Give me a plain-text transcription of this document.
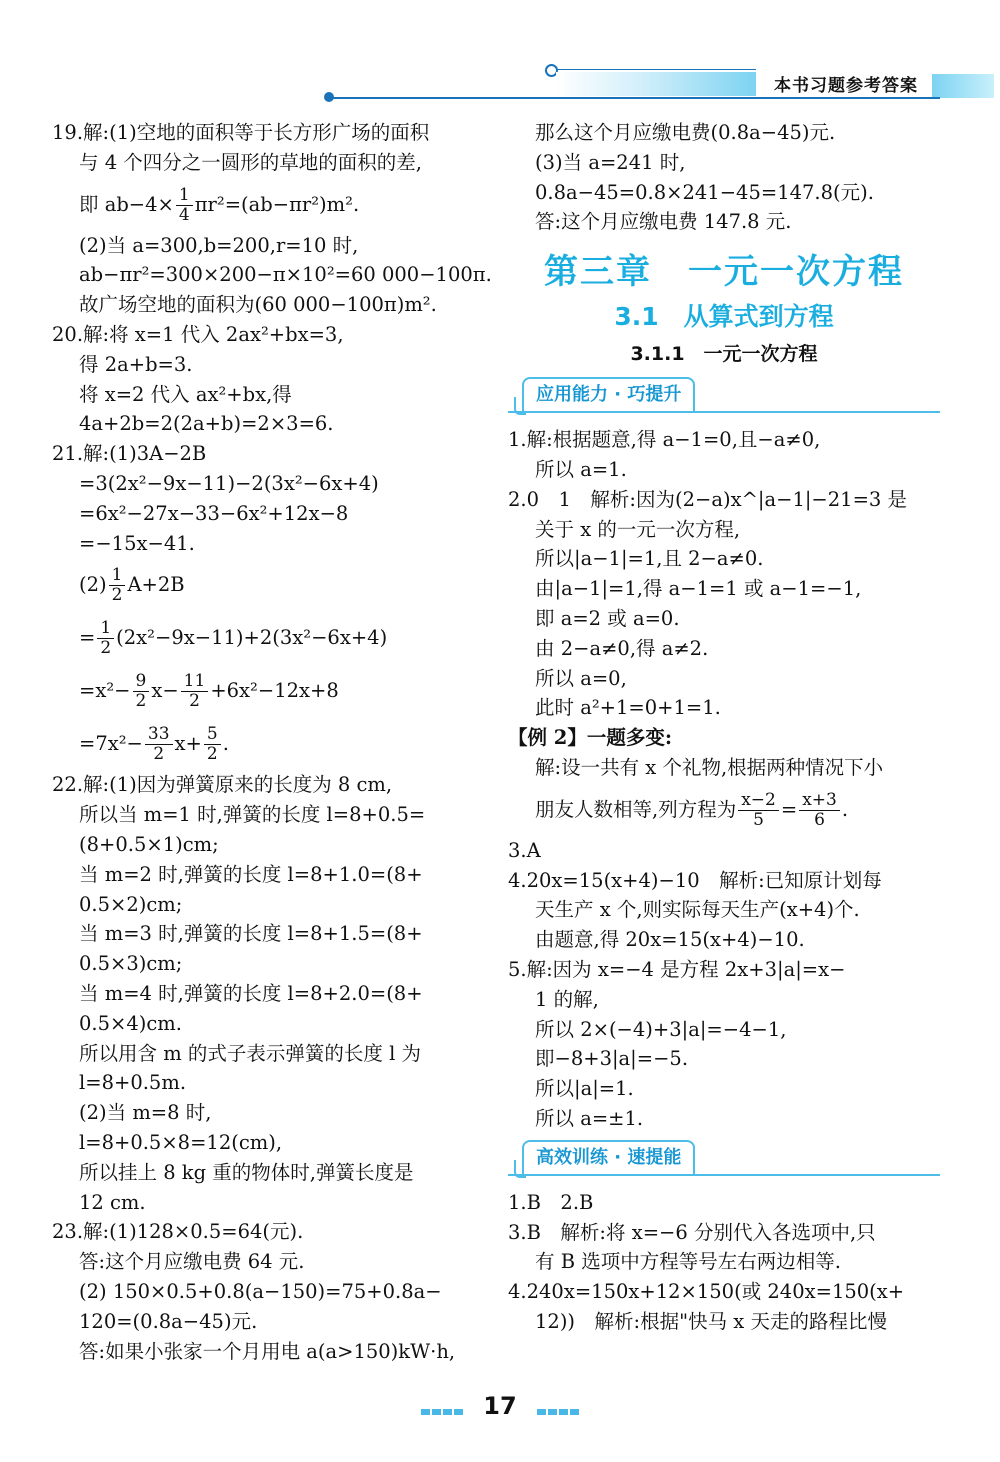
本书习题参考答案
19.解:(1)空地的面积等于长方形广场的面积
与 4 个四分之一圆形的草地的面积的差,
即 $ab-4\times \frac{1}{4} \pi r^2=(ab-\pi r^2)m^2$.
(2)当 a=300,b=200,r=10 时,
ab−πr²=300×200−π×10²=60 000−100π.
故广场空地的面积为(60 000−100π)m².
20.解:将 x=1 代入 2ax²+bx=3,
得 2a+b=3.
将 x=2 代入 ax²+bx,得
4a+2b=2(2a+b)=2×3=6.
21.解:(1)3A−2B
=3(2x²−9x−11)−2(3x²−6x+4)
=6x²−27x−33−6x²+12x−8
=−15x−41.
$(2) \frac{1}{2} A+2B$
= $\frac{1}{2} (2x^2-9x-11)+2(3x^2-6x+4)$
$=x^2- \frac{9}{2} x- \frac{11}{2} +6x^2-12x+8$
$=7x^2- \frac{33}{2} x+ \frac{5}{2}$ .
22.解:(1)因为弹簧原来的长度为 8 cm,
所以当 m=1 时,弹簧的长度 l=8+0.5=
(8+0.5×1)cm;
当 m=2 时,弹簧的长度 l=8+1.0=(8+
0.5×2)cm;
当 m=3 时,弹簧的长度 l=8+1.5=(8+
0.5×3)cm;
当 m=4 时,弹簧的长度 l=8+2.0=(8+
0.5×4)cm.
所以用含 m 的式子表示弹簧的长度 l 为
l=8+0.5m.
(2)当 m=8 时,
l=8+0.5×8=12(cm),
所以挂上 8 kg 重的物体时,弹簧长度是
12 cm.
23.解:(1)128×0.5=64(元).
答:这个月应缴电费 64 元.
(2) 150×0.5+0.8(a−150)=75+0.8a−
120=(0.8a−45)元.
答:如果小张家一个月用电 a(a>150)kW·h,
那么这个月应缴电费(0.8a−45)元.
(3)当 a=241 时,
0.8a−45=0.8×241−45=147.8(元).
答:这个月应缴电费 147.8 元.
第三章　一元一次方程
3.1　从算式到方程
3.1.1　一元一次方程
应用能力 · 巧提升
1.解:根据题意,得 a−1=0,且−a≠0,
所以 a=1.
2.0　1　解析:因为(2−a)x^|a−1|−21=3 是
关于 x 的一元一次方程,
所以|a−1|=1,且 2−a≠0.
由|a−1|=1,得 a−1=1 或 a−1=−1,
即 a=2 或 a=0.
由 2−a≠0,得 a≠2.
所以 a=0,
此时 a²+1=0+1=1.
【例 2】一题多变:
解:设一共有 x 个礼物,根据两种情况下小
朋友人数相等,列方程为 $\frac{x-2}{5} = \frac{x+3}{6}$ .
3.A
4.20x=15(x+4)−10　解析:已知原计划每
天生产 x 个,则实际每天生产(x+4)个.
由题意,得 20x=15(x+4)−10.
5.解:因为 x=−4 是方程 2x+3|a|=x−
1 的解,
所以 2×(−4)+3|a|=−4−1,
即−8+3|a|=−5.
所以|a|=1.
所以 a=±1.
高效训练 · 速提能
1.B　2.B
3.B　解析:将 x=−6 分别代入各选项中,只
有 B 选项中方程等号左右两边相等.
4.240x=150x+12×150(或 240x=150(x+
12))　解析:根据"快马 x 天走的路程比慢
17
